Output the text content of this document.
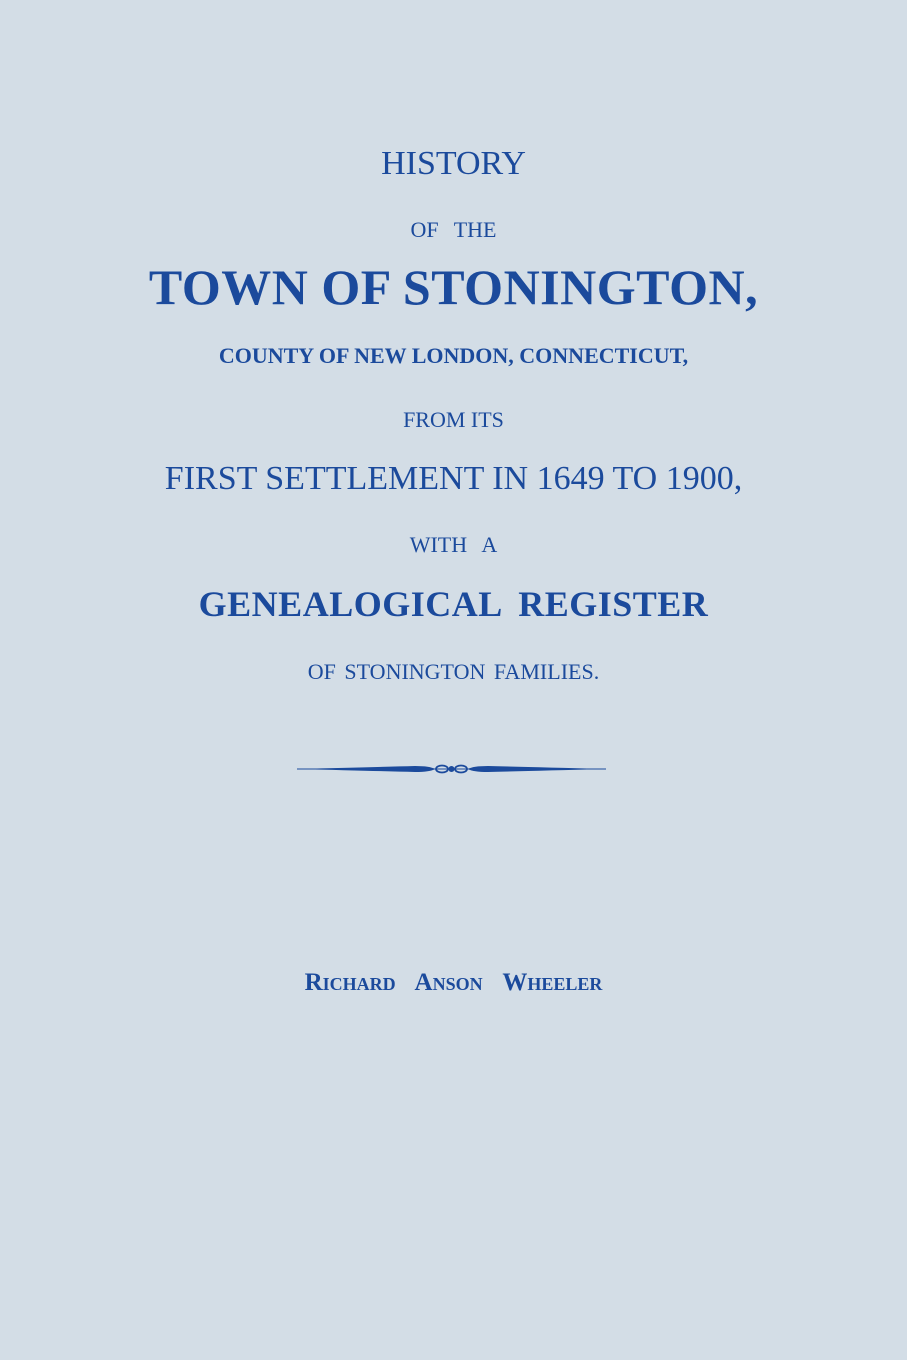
HISTORY
OF THE
TOWN OF STONINGTON,
COUNTY OF NEW LONDON, CONNECTICUT,
FROM ITS
FIRST SETTLEMENT IN 1649 TO 1900,
WITH A
GENEALOGICAL REGISTER
OF STONINGTON FAMILIES.
Richard Anson Wheeler
